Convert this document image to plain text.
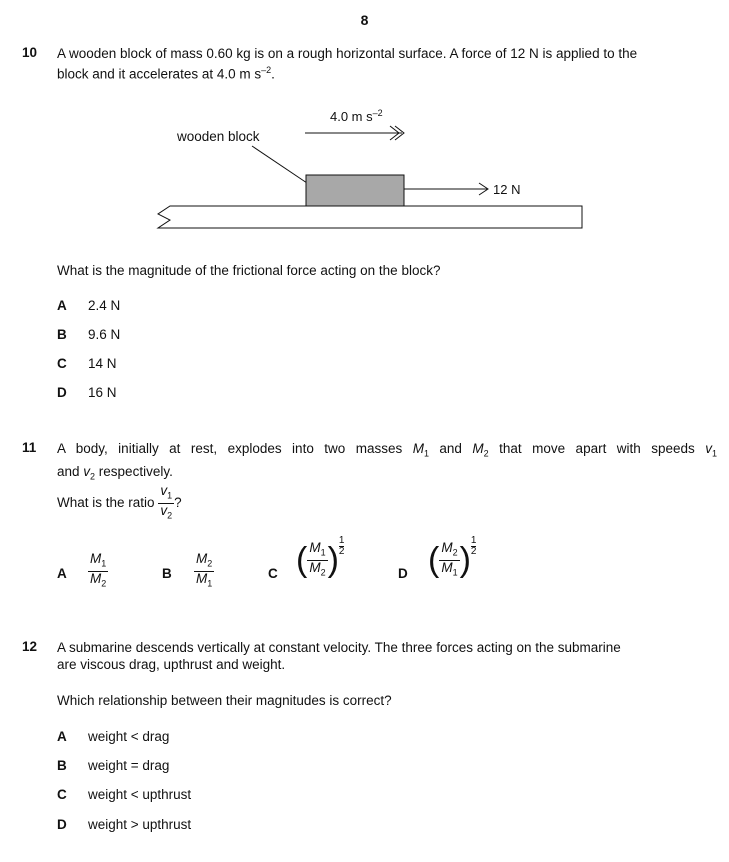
8
10 A wooden block of mass 0.60 kg is on a rough horizontal surface. A force of 12 N is applied to the
block and it accelerates at 4.0 m $s^{-2}$.
4.0 m $s^{-2}$
wooden block
12 N
What is the magnitude of the frictional force acting on the block?
A 2.4 N
B 9.6 N
C 14 N
D 16 N
11 A body, initially at rest, explodes into two masses $M_1$ and $M_2$ that move apart with speeds $v_1$
and $v_2$ respectively.
What is the ratio $\frac{v_1}{v_2}$ ?
A $\frac{M_1}{M_2}$	B $\frac{M_2}{M_1}$	C ( $\frac{M_1}{M_2}$ ) $\frac{1}{2}$
D ( $\frac{M_2}{M_1}$ ) $\frac{1}{2}$
12 A submarine descends vertically at constant velocity. The three forces acting on the submarine
are viscous drag, upthrust and weight.
Which relationship between their magnitudes is correct?
A weight < drag
B weight = drag
C weight < upthrust
D weight > upthrust
